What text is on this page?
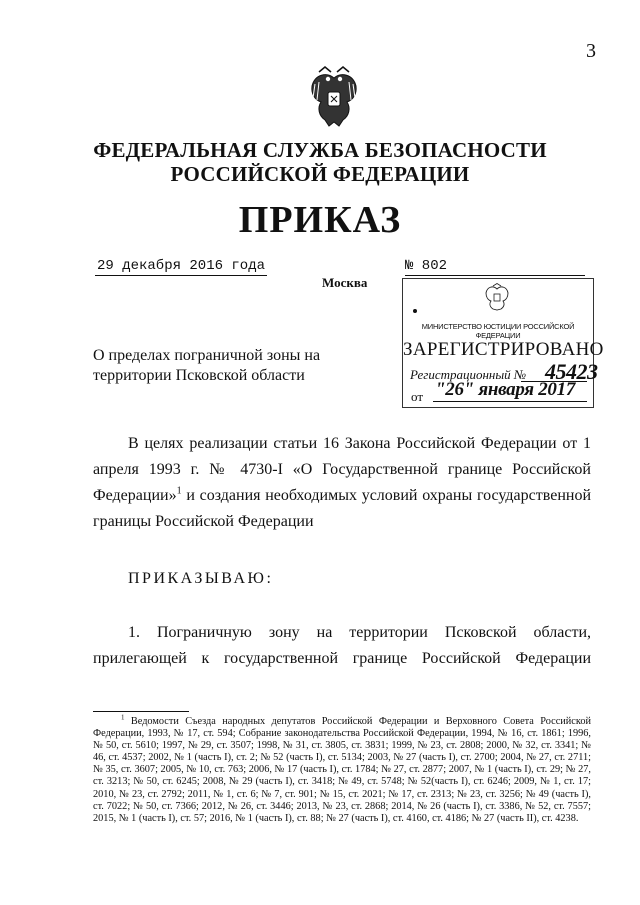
3
ФЕДЕРАЛЬНАЯ СЛУЖБА БЕЗОПАСНОСТИ
РОССИЙСКОЙ ФЕДЕРАЦИИ
ПРИКАЗ
29 декабря 2016 года	№ 802
Москва
МИНИСТЕРСТВО ЮСТИЦИИ РОССИЙСКОЙ ФЕДЕРАЦИИ
ЗАРЕГИСТРИРОВАНО
Регистрационный № 45423
от "26" января 2017
О пределах пограничной зоны на территории Псковской области
В целях реализации статьи 16 Закона Российской Федерации от 1 апреля 1993 г. № 4730-I «О Государственной границе Российской Федерации»$^1$ и создания необходимых условий охраны государственной границы Российской Федерации
ПРИКАЗЫВАЮ:
1. Пограничную зону на территории Псковской области, прилегающей к государственной границе Российской Федерации
$^1$ Ведомости Съезда народных депутатов Российской Федерации и Верховного Совета Российской Федерации, 1993, № 17, ст. 594; Собрание законодательства Российской Федерации, 1994, № 16, ст. 1861; 1996, № 50, ст. 5610; 1997, № 29, ст. 3507; 1998, № 31, ст. 3805, ст. 3831; 1999, № 23, ст. 2808; 2000, № 32, ст. 3341; № 46, ст. 4537; 2002, № 1 (часть I), ст. 2; № 52 (часть I), ст. 5134; 2003, № 27 (часть I), ст. 2700; 2004, № 27, ст. 2711; № 35, ст. 3607; 2005, № 10, ст. 763; 2006, № 17 (часть I), ст. 1784; № 27, ст. 2877; 2007, № 1 (часть I), ст. 29; № 27, ст. 3213; № 50, ст. 6245; 2008, № 29 (часть I), ст. 3418; № 49, ст. 5748; № 52(часть I), ст. 6246; 2009, № 1, ст. 17; 2010, № 23, ст. 2792; 2011, № 1, ст. 6; № 7, ст. 901; № 15, ст. 2021; № 17, ст. 2313; № 23, ст. 3256; № 49 (часть I), ст. 7022; № 50, ст. 7366; 2012, № 26, ст. 3446; 2013, № 23, ст. 2868; 2014, № 26 (часть I), ст. 3386, № 52, ст. 7557; 2015, № 1 (часть I), ст. 57; 2016, № 1 (часть I), ст. 88; № 27 (часть I), ст. 4160, ст. 4186; № 27 (часть II), ст. 4238.
